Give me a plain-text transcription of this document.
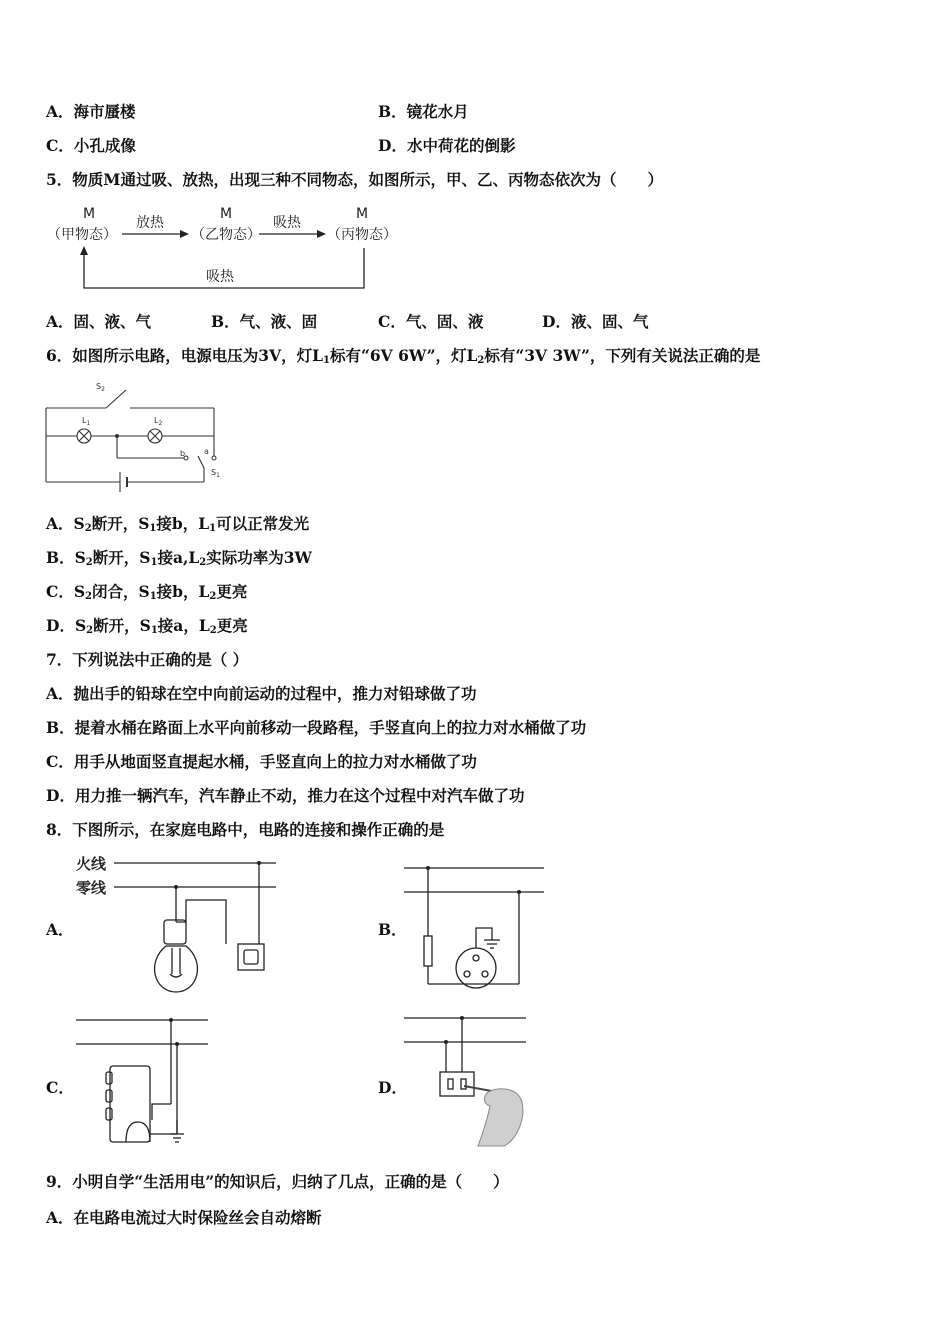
A．海市蜃楼	B．镜花水月
C．小孔成像	D．水中荷花的倒影
5．物质M通过吸、放热，出现三种不同物态，如图所示，甲、乙、丙物态依次为（　　）
M
（甲物态）
M
（乙物态）
M
（丙物态）
放热	吸热
吸热
A．固、液、气	B．气、液、固	C．气、固、液	D．液、固、气
6．如图所示电路，电源电压为3V，灯$L_1$标有“6V 6W”，灯$L_2$标有“3V 3W”，下列有关说法正确的是
$S_2$
$L_1$	$L_2$
b a
$S_1$
A．$S_2$断开，$S_1$接b，$L_1$可以正常发光
B．$S_2$断开，$S_1$接$a,L_2$实际功率为3W
C．$S_2$闭合，$S_1$接b，$L_2$更亮
D．$S_2$断开，$S_1$接a，$L_2$更亮
7．下列说法中正确的是（ ）
A．抛出手的铅球在空中向前运动的过程中，推力对铅球做了功
B．提着水桶在路面上水平向前移动一段路程，手竖直向上的拉力对水桶做了功
C．用手从地面竖直提起水桶，手竖直向上的拉力对水桶做了功
D．用力推一辆汽车，汽车静止不动，推力在这个过程中对汽车做了功
8．下图所示，在家庭电路中，电路的连接和操作正确的是
A．
火线
零线
B．
C．	D．
9．小明自学“生活用电”的知识后，归纳了几点，正确的是（　　）
A．在电路电流过大时保险丝会自动熔断
